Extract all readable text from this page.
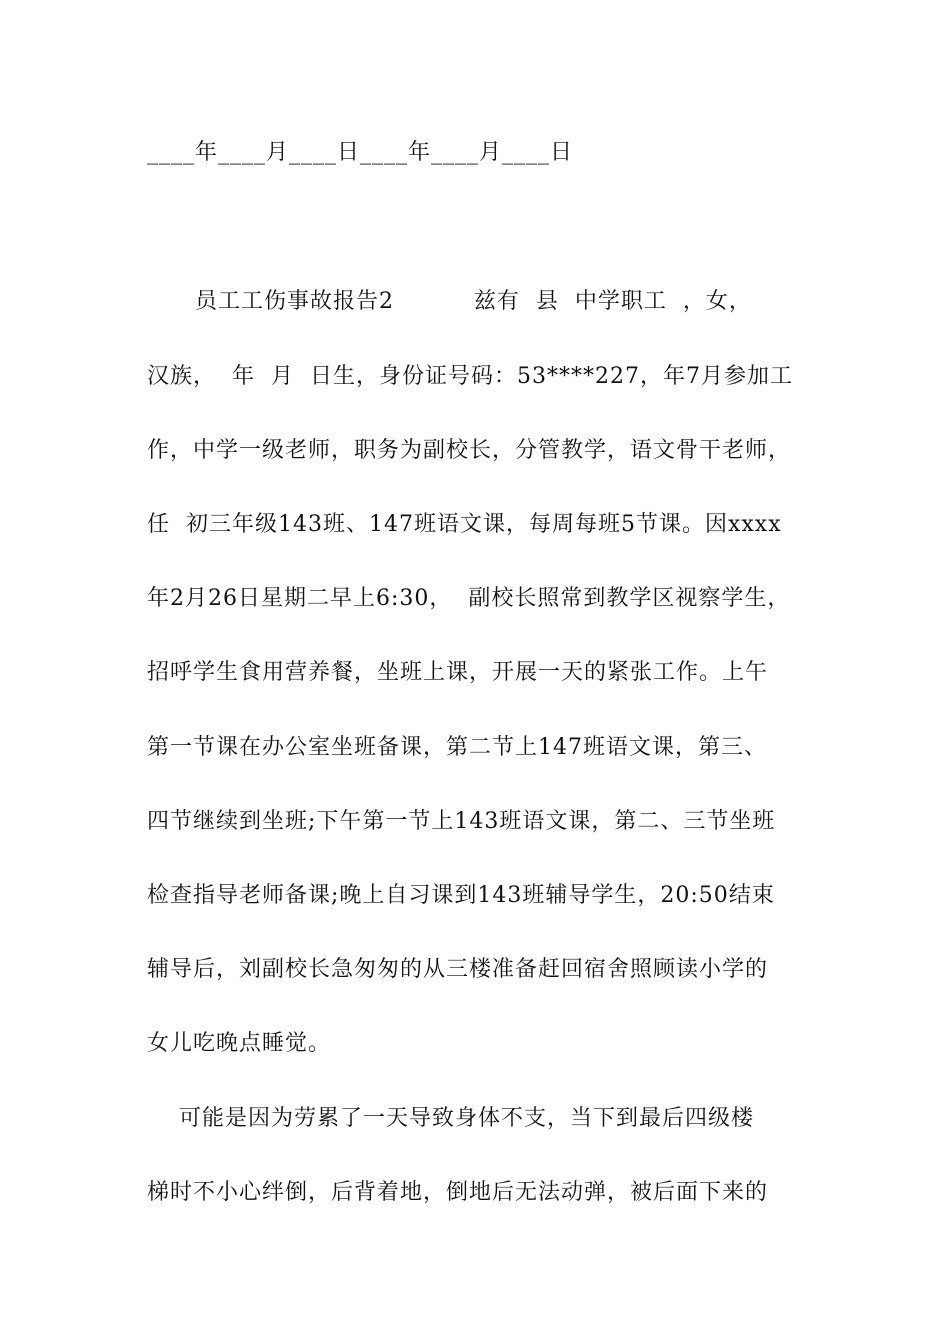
____年____月____日____年____月____日
员工工伤事故报告2          兹有  县  中学职工  ，女，
汉族，  年  月  日生，身份证号码：53****227，年7月参加工
作，中学一级老师，职务为副校长，分管教学，语文骨干老师，
任  初三年级143班、147班语文课，每周每班5节课。因xxxx
年2月26日星期二早上6:30，  副校长照常到教学区视察学生，
招呼学生食用营养餐，坐班上课，开展一天的紧张工作。上午
第一节课在办公室坐班备课，第二节上147班语文课，第三、
四节继续到坐班;下午第一节上143班语文课，第二、三节坐班
检查指导老师备课;晚上自习课到143班辅导学生，20:50结束
辅导后，刘副校长急匆匆的从三楼准备赶回宿舍照顾读小学的
女儿吃晚点睡觉。
可能是因为劳累了一天导致身体不支，当下到最后四级楼
梯时不小心绊倒，后背着地，倒地后无法动弹，被后面下来的
